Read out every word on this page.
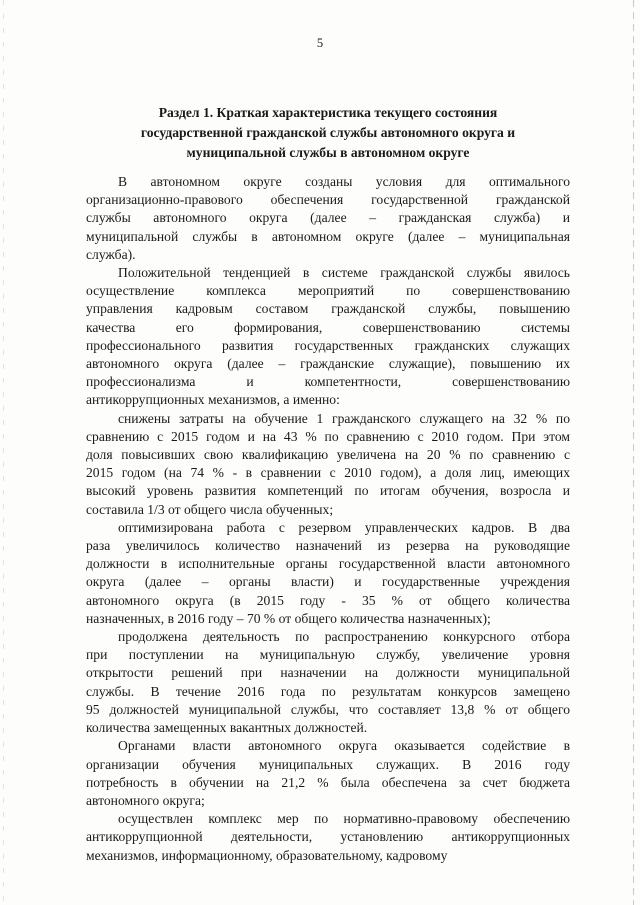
5
Раздел 1. Краткая характеристика текущего состояния
государственной гражданской службы автономного округа и
муниципальной службы в автономном округе
В автономном округе созданы условия для оптимального
организационно-правового обеспечения государственной гражданской
службы автономного округа (далее – гражданская служба) и
муниципальной службы в автономном округе (далее – муниципальная
служба).
Положительной тенденцией в системе гражданской службы явилось
осуществление комплекса мероприятий по совершенствованию
управления кадровым составом гражданской службы, повышению
качества его формирования, совершенствованию системы
профессионального развития государственных гражданских служащих
автономного округа (далее – гражданские служащие), повышению их
профессионализма и компетентности, совершенствованию
антикоррупционных механизмов, а именно:
снижены затраты на обучение 1 гражданского служащего на 32 % по
сравнению с 2015 годом и на 43 % по сравнению с 2010 годом. При этом
доля повысивших свою квалификацию увеличена на 20 % по сравнению с
2015 годом (на 74 % - в сравнении с 2010 годом), а доля лиц, имеющих
высокий уровень развития компетенций по итогам обучения, возросла и
составила 1/3 от общего числа обученных;
оптимизирована работа с резервом управленческих кадров. В два
раза увеличилось количество назначений из резерва на руководящие
должности в исполнительные органы государственной власти автономного
округа (далее – органы власти) и государственные учреждения
автономного округа (в 2015 году - 35 % от общего количества
назначенных, в 2016 году – 70 % от общего количества назначенных);
продолжена деятельность по распространению конкурсного отбора
при поступлении на муниципальную службу, увеличение уровня
открытости решений при назначении на должности муниципальной
службы. В течение 2016 года по результатам конкурсов замещено
95 должностей муниципальной службы, что составляет 13,8 % от общего
количества замещенных вакантных должностей.
Органами власти автономного округа оказывается содействие в
организации обучения муниципальных служащих. В 2016 году
потребность в обучении на 21,2 % была обеспечена за счет бюджета
автономного округа;
осуществлен комплекс мер по нормативно-правовому обеспечению
антикоррупционной деятельности, установлению антикоррупционных
механизмов, информационному, образовательному, кадровому
